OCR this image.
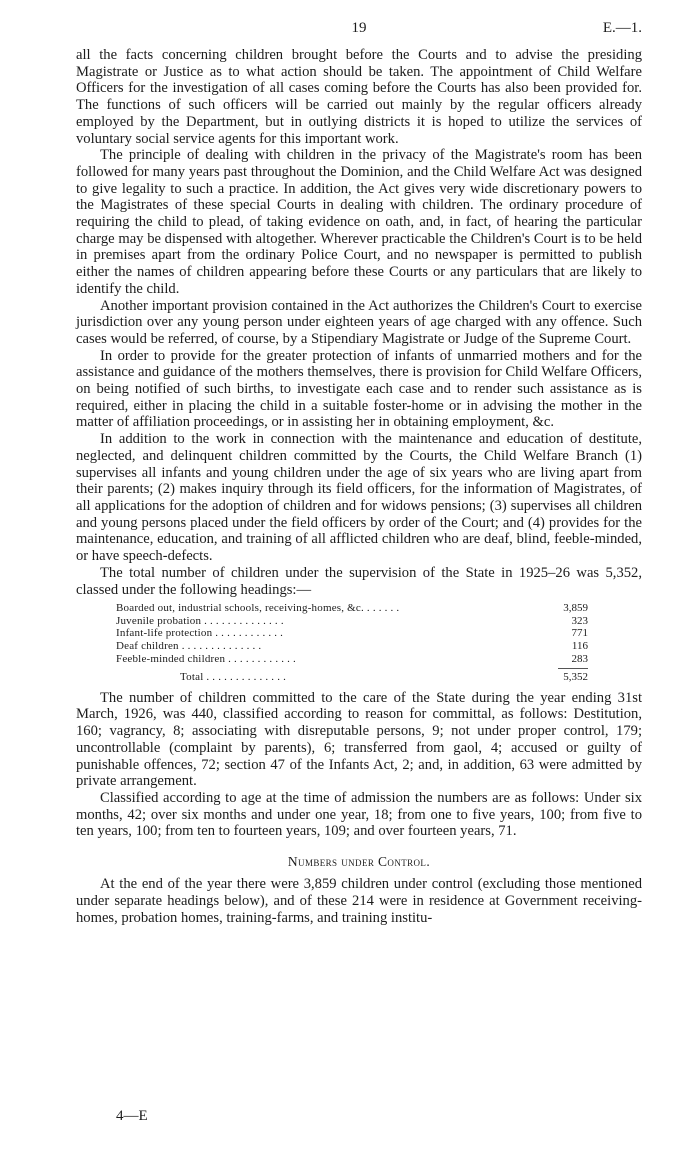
19	E.—1.

all the facts concerning children brought before the Courts and to advise the presiding Magistrate or Justice as to what action should be taken. The appointment of Child Welfare Officers for the investigation of all cases coming before the Courts has also been provided for. The functions of such officers will be carried out mainly by the regular officers already employed by the Department, but in outlying districts it is hoped to utilize the services of voluntary social service agents for this important work.

The principle of dealing with children in the privacy of the Magistrate's room has been followed for many years past throughout the Dominion, and the Child Welfare Act was designed to give legality to such a practice. In addition, the Act gives very wide discretionary powers to the Magistrates of these special Courts in dealing with children. The ordinary procedure of requiring the child to plead, of taking evidence on oath, and, in fact, of hearing the particular charge may be dispensed with altogether. Wherever practicable the Children's Court is to be held in premises apart from the ordinary Police Court, and no newspaper is permitted to publish either the names of children appearing before these Courts or any particulars that are likely to identify the child.

Another important provision contained in the Act authorizes the Children's Court to exercise jurisdiction over any young person under eighteen years of age charged with any offence. Such cases would be referred, of course, by a Stipendiary Magistrate or Judge of the Supreme Court.

In order to provide for the greater protection of infants of unmarried mothers and for the assistance and guidance of the mothers themselves, there is provision for Child Welfare Officers, on being notified of such births, to investigate each case and to render such assistance as is required, either in placing the child in a suitable foster-home or in advising the mother in the matter of affiliation proceedings, or in assisting her in obtaining employment, &c.

In addition to the work in connection with the maintenance and education of destitute, neglected, and delinquent children committed by the Courts, the Child Welfare Branch (1) supervises all infants and young children under the age of six years who are living apart from their parents; (2) makes inquiry through its field officers, for the information of Magistrates, of all applications for the adoption of children and for widows pensions; (3) supervises all children and young persons placed under the field officers by order of the Court; and (4) provides for the maintenance, education, and training of all afflicted children who are deaf, blind, feeble-minded, or have speech-defects.

The total number of children under the supervision of the State in 1925–26 was 5,352, classed under the following headings:—

Boarded out, industrial schools, receiving-homes, &c. . . . . . .	3,859
Juvenile probation . . . . . . . . . . . . . .	323
Infant-life protection . . . . . . . . . . . .	771
Deaf children . . . . . . . . . . . . . .	116
Feeble-minded children . . . . . . . . . . . .	283
Total . . . . . . . . . . . . . .	5,352

The number of children committed to the care of the State during the year ending 31st March, 1926, was 440, classified according to reason for committal, as follows: Destitution, 160; vagrancy, 8; associating with disreputable persons, 9; not under proper control, 179; uncontrollable (complaint by parents), 6; transferred from gaol, 4; accused or guilty of punishable offences, 72; section 47 of the Infants Act, 2; and, in addition, 63 were admitted by private arrangement.

Classified according to age at the time of admission the numbers are as follows: Under six months, 42; over six months and under one year, 18; from one to five years, 100; from five to ten years, 100; from ten to fourteen years, 109; and over fourteen years, 71.

Numbers under Control.

At the end of the year there were 3,859 children under control (excluding those mentioned under separate headings below), and of these 214 were in residence at Government receiving-homes, probation homes, training-farms, and training institu-

4—E
